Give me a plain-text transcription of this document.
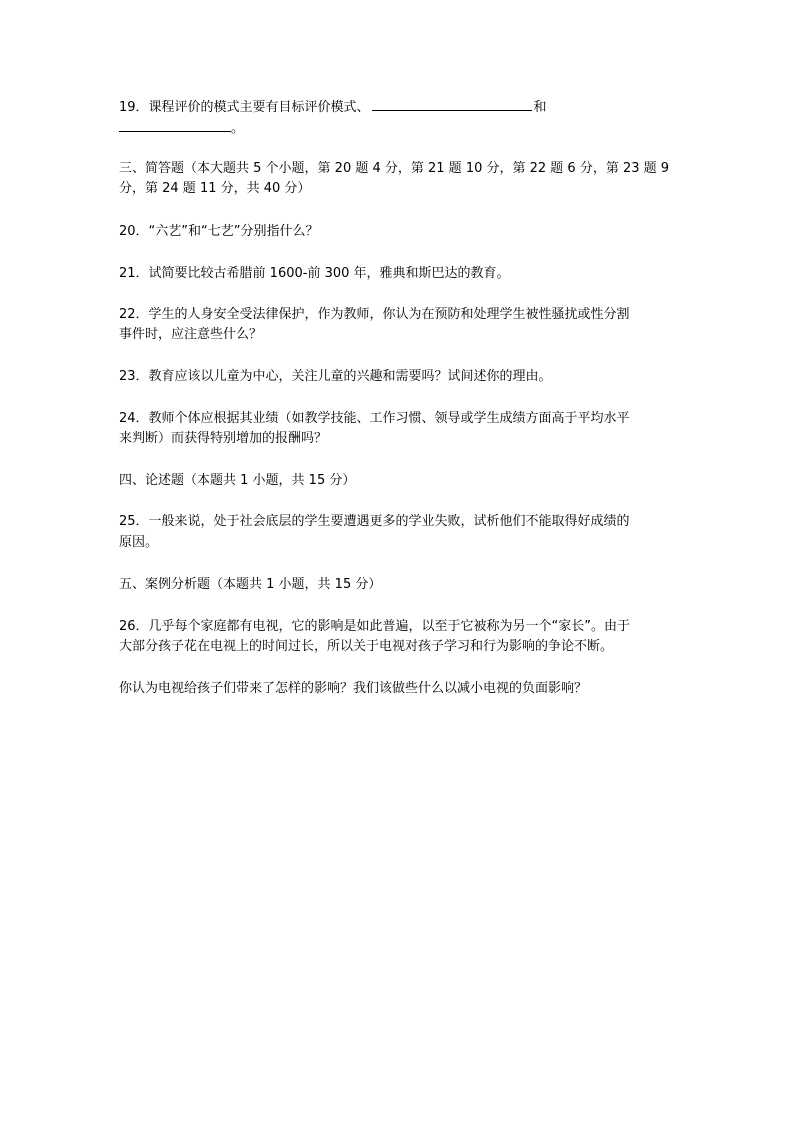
19．课程评价的模式主要有目标评价模式、	和

。

三、简答题（本大题共 5 个小题，第 20 题 4 分，第 21 题 10 分，第 22 题 6 分，第 23 题 9

分，第 24 题 11 分，共 40 分）

20．“六艺”和“七艺”分别指什么？

21．试简要比较古希腊前 1600-前 300 年，雅典和斯巴达的教育。

22．学生的人身安全受法律保护，作为教师，你认为在预防和处理学生被性骚扰或性分割

事件时，应注意些什么？

23．教育应该以儿童为中心，关注儿童的兴趣和需要吗？试间述你的理由。

24．教师个体应根据其业绩（如教学技能、工作习惯、领导或学生成绩方面高于平均水平

来判断）而获得特别增加的报酬吗？

四、论述题（本题共 1 小题，共 15 分）

25．一般来说，处于社会底层的学生要遭遇更多的学业失败，试析他们不能取得好成绩的

原因。

五、案例分析题（本题共 1 小题，共 15 分）

26．几乎每个家庭都有电视，它的影响是如此普遍，以至于它被称为另一个“家长”。由于

大部分孩子花在电视上的时间过长，所以关于电视对孩子学习和行为影响的争论不断。

你认为电视给孩子们带来了怎样的影响？我们该做些什么以减小电视的负面影响？
